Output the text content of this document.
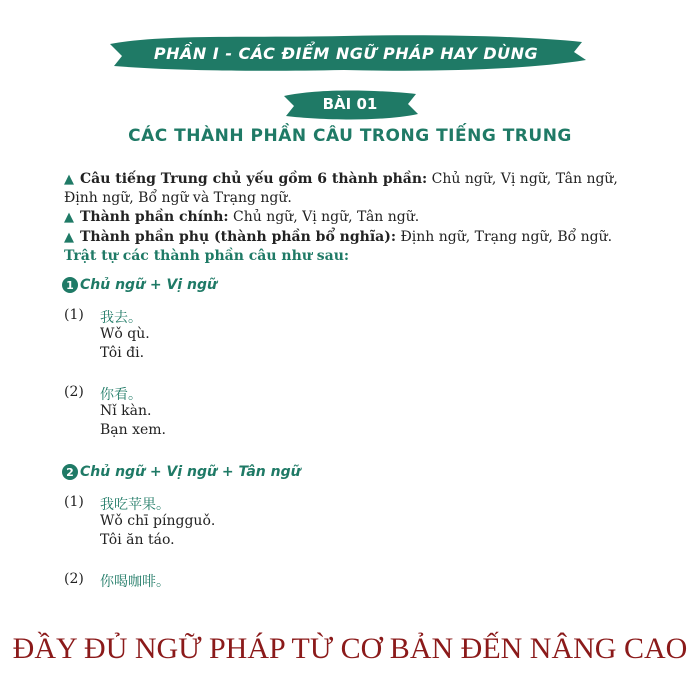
PHẦN I - CÁC ĐIỂM NGỮ PHÁP HAY DÙNG
BÀI 01
CÁC THÀNH PHẦN CÂU TRONG TIẾNG TRUNG
▲ Câu tiếng Trung chủ yếu gồm 6 thành phần: Chủ ngữ, Vị ngữ, Tân ngữ, Định ngữ, Bổ ngữ và Trạng ngữ.
▲ Thành phần chính: Chủ ngữ, Vị ngữ, Tân ngữ.
▲ Thành phần phụ (thành phần bổ nghĩa): Định ngữ, Trạng ngữ, Bổ ngữ.
Trật tự các thành phần câu như sau:
1 Chủ ngữ + Vị ngữ
(1) 我去。
Wǒ qù.
Tôi đi.
(2) 你看。
Nǐ kàn.
Bạn xem.
2 Chủ ngữ + Vị ngữ + Tân ngữ
(1) 我吃苹果。
Wǒ chī píngguǒ.
Tôi ăn táo.
(2) 你喝咖啡。
ĐẦY ĐỦ NGỮ PHÁP TỪ CƠ BẢN ĐẾN NÂNG CAO
